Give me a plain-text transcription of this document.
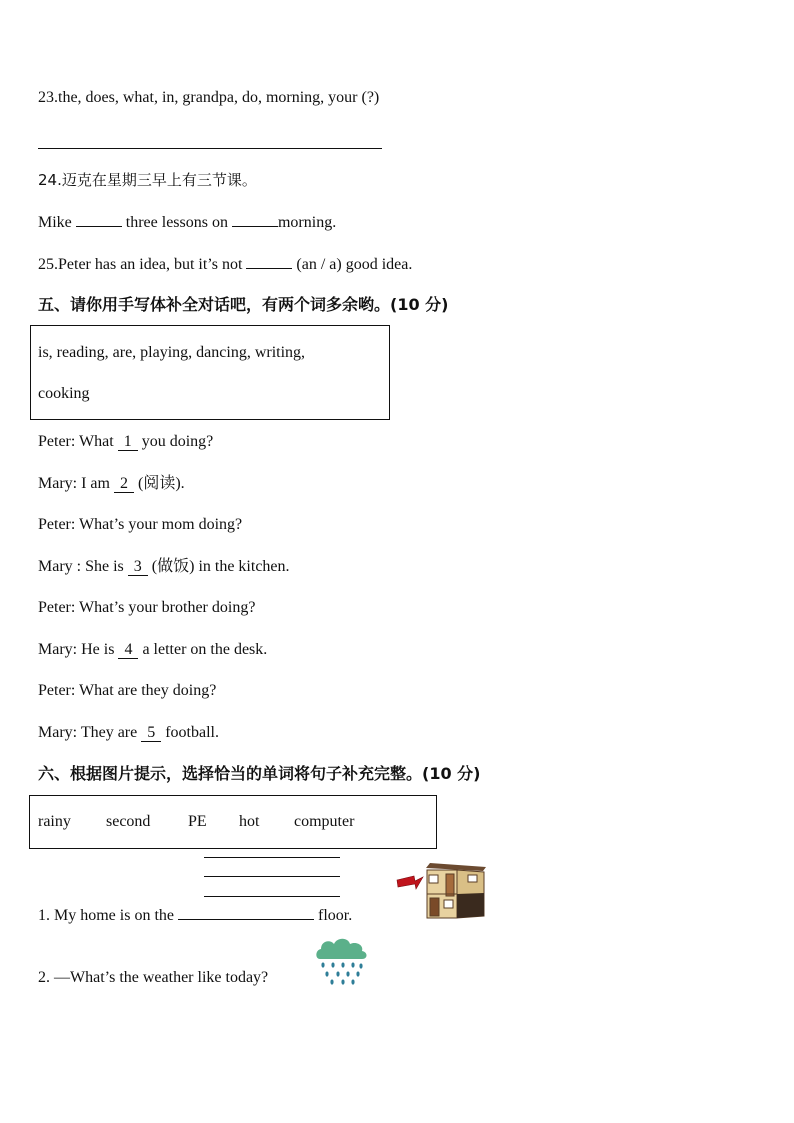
23.the, does, what, in, grandpa, do, morning, your (?)
24.迈克在星期三早上有三节课。
Mike	three lessons on	morning.
25.Peter has an idea, but it’s not	(an / a) good idea.
五、请你用手写体补全对话吧，有两个词多余哟。(10 分)
is, reading, are, playing, dancing, writing,
cooking
Peter: What 1 you doing?
Mary: I am 2 (阅读).
Peter: What’s your mom doing?
Mary : She is 3 (做饭) in the kitchen.
Peter: What’s your brother doing?
Mary: He is 4 a letter on the desk.
Peter: What are they doing?
Mary: They are 5 football.
六、根据图片提示，选择恰当的单词将句子补充完整。(10 分)
rainy second PE hot computer
1. My home is on the	floor.
2. —What’s the weather like today?
